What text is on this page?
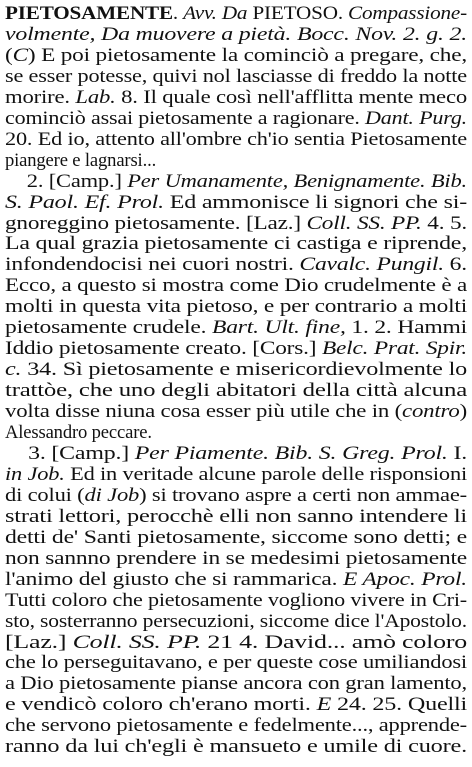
PIETOSAMENTE. Avv. Da PIETOSO. Compassione-
volmente, Da muovere a pietà. Bocc. Nov. 2. g. 2.
(C) E poi pietosamente la cominciò a pregare, che,
se esser potesse, quivi nol lasciasse di freddo la notte
morire. Lab. 8. Il quale così nell'afflitta mente meco
cominciò assai pietosamente a ragionare. Dant. Purg.
20. Ed io, attento all'ombre ch'io sentia Pietosamente
piangere e lagnarsi...
2. [Camp.] Per Umanamente, Benignamente. Bib.
S. Paol. Ef. Prol. Ed ammonisce li signori che si-
gnoreggino pietosamente. [Laz.] Coll. SS. PP. 4. 5.
La qual grazia pietosamente ci castiga e riprende,
infondendocisi nei cuori nostri. Cavalc. Pungil. 6.
Ecco, a questo si mostra come Dio crudelmente è a
molti in questa vita pietoso, e per contrario a molti
pietosamente crudele. Bart. Ult. fine, 1. 2. Hammi
Iddio pietosamente creato. [Cors.] Belc. Prat. Spir.
c. 34. Sì pietosamente e misericordievolmente lo
trattòe, che uno degli abitatori della città alcuna
volta disse niuna cosa esser più utile che in (contro)
Alessandro peccare.
3. [Camp.] Per Piamente. Bib. S. Greg. Prol. I.
in Job. Ed in veritade alcune parole delle risponsioni
di colui (di Job) si trovano aspre a certi non ammae-
strati lettori, perocchè elli non sanno intendere li
detti de' Santi pietosamente, siccome sono detti; e
non sannno prendere in se medesimi pietosamente
l'animo del giusto che si rammarica. E Apoc. Prol.
Tutti coloro che pietosamente vogliono vivere in Cri-
sto, sosterranno persecuzioni, siccome dice l'Apostolo.
[Laz.] Coll. SS. PP. 21 4. David... amò coloro
che lo perseguitavano, e per queste cose umiliandosi
a Dio pietosamente pianse ancora con gran lamento,
e vendicò coloro ch'erano morti. E 24. 25. Quelli
che servono pietosamente e fedelmente..., apprende-
ranno da lui ch'egli è mansueto e umile di cuore.
